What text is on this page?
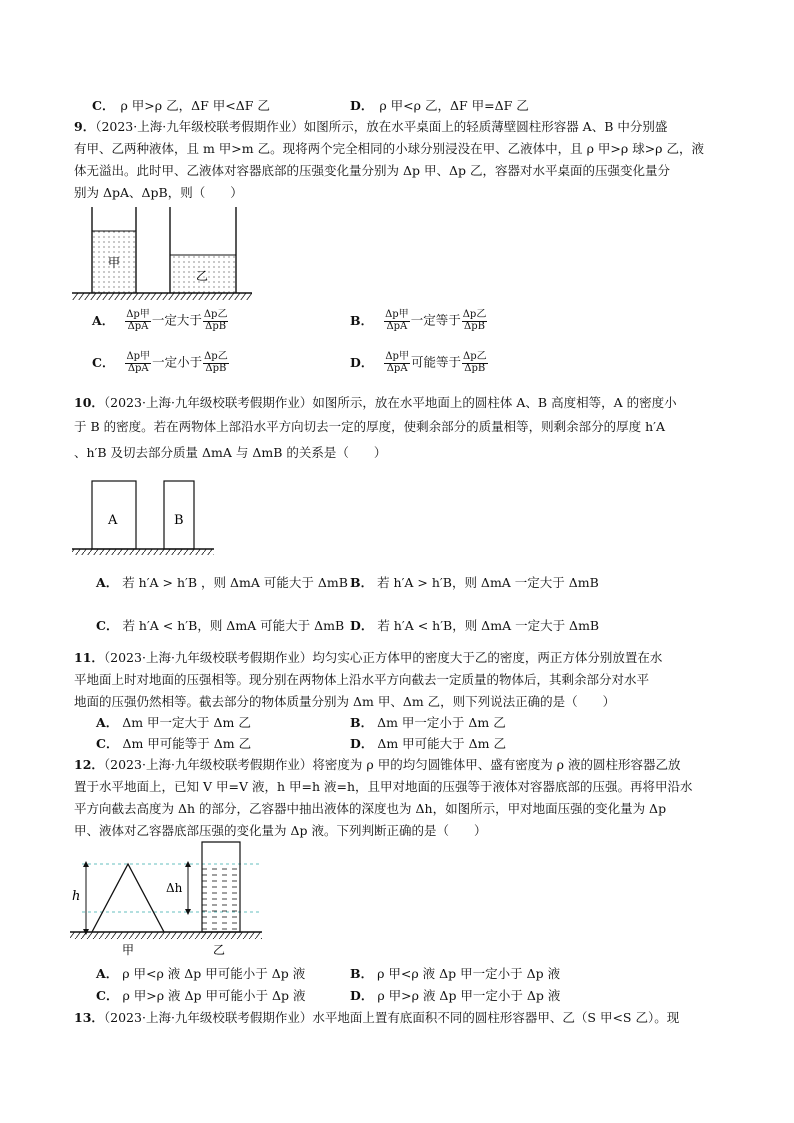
C． ρ 甲>ρ 乙，ΔF 甲<ΔF 乙	D． ρ 甲<ρ 乙，ΔF 甲=ΔF 乙
9．（2023·上海·九年级校联考假期作业）如图所示，放在水平桌面上的轻质薄壁圆柱形容器 A、B 中分别盛
有甲、乙两种液体，且 m 甲>m 乙。现将两个完全相同的小球分别浸没在甲、乙液体中，且 ρ 甲>ρ 球>ρ 乙，液
体无溢出。此时甲、乙液体对容器底部的压强变化量分别为 Δp 甲、Δp 乙，容器对水平桌面的压强变化量分
别为 ΔpA、ΔpB，则（　　）
甲
乙
A． $\frac{\text{Δp甲}}{\text{ΔpA}}$ 一定大于 $\frac{\text{Δp乙}}{\text{ΔpB}}$	B． $\frac{\text{Δp甲}}{\text{ΔpA}}$ 一定等于 $\frac{\text{Δp乙}}{\text{ΔpB}}$
C． $\frac{\text{Δp甲}}{\text{ΔpA}}$ 一定小于 $\frac{\text{Δp乙}}{\text{ΔpB}}$	D． $\frac{\text{Δp甲}}{\text{ΔpA}}$ 可能等于 $\frac{\text{Δp乙}}{\text{ΔpB}}$
10．（2023·上海·九年级校联考假期作业）如图所示，放在水平地面上的圆柱体 A、B 高度相等，A 的密度小
于 B 的密度。若在两物体上部沿水平方向切去一定的厚度，使剩余部分的质量相等，则剩余部分的厚度 h′A
、h′B 及切去部分质量 ΔmA 与 ΔmB 的关系是（　　）
A	B
A． 若 h′A > h′B ，则 ΔmA 可能大于 ΔmB B． 若 h′A > h′B，则 ΔmA 一定大于 ΔmB
C． 若 h′A < h′B，则 ΔmA 可能大于 ΔmB D． 若 h′A < h′B，则 ΔmA 一定大于 ΔmB
11．（2023·上海·九年级校联考假期作业）均匀实心正方体甲的密度大于乙的密度，两正方体分别放置在水
平地面上时对地面的压强相等。现分别在两物体上沿水平方向截去一定质量的物体后，其剩余部分对水平
地面的压强仍然相等。截去部分的物体质量分别为 Δm 甲、Δm 乙，则下列说法正确的是（　　）
A． Δm 甲一定大于 Δm 乙	B． Δm 甲一定小于 Δm 乙
C． Δm 甲可能等于 Δm 乙	D． Δm 甲可能大于 Δm 乙
12．（2023·上海·九年级校联考假期作业）将密度为 ρ 甲的均匀圆锥体甲、盛有密度为 ρ 液的圆柱形容器乙放
置于水平地面上，已知 V 甲=V 液，h 甲=h 液=h，且甲对地面的压强等于液体对容器底部的压强。再将甲沿水
平方向截去高度为 Δh 的部分，乙容器中抽出液体的深度也为 Δh，如图所示，甲对地面压强的变化量为 Δp
甲、液体对乙容器底部压强的变化量为 Δp 液。下列判断正确的是（　　）
h
Δh
甲	乙
A． ρ 甲<ρ 液 Δp 甲可能小于 Δp 液	B． ρ 甲<ρ 液 Δp 甲一定小于 Δp 液
C． ρ 甲>ρ 液 Δp 甲可能小于 Δp 液	D． ρ 甲>ρ 液 Δp 甲一定小于 Δp 液
13．（2023·上海·九年级校联考假期作业）水平地面上置有底面积不同的圆柱形容器甲、乙（S 甲<S 乙）。现
